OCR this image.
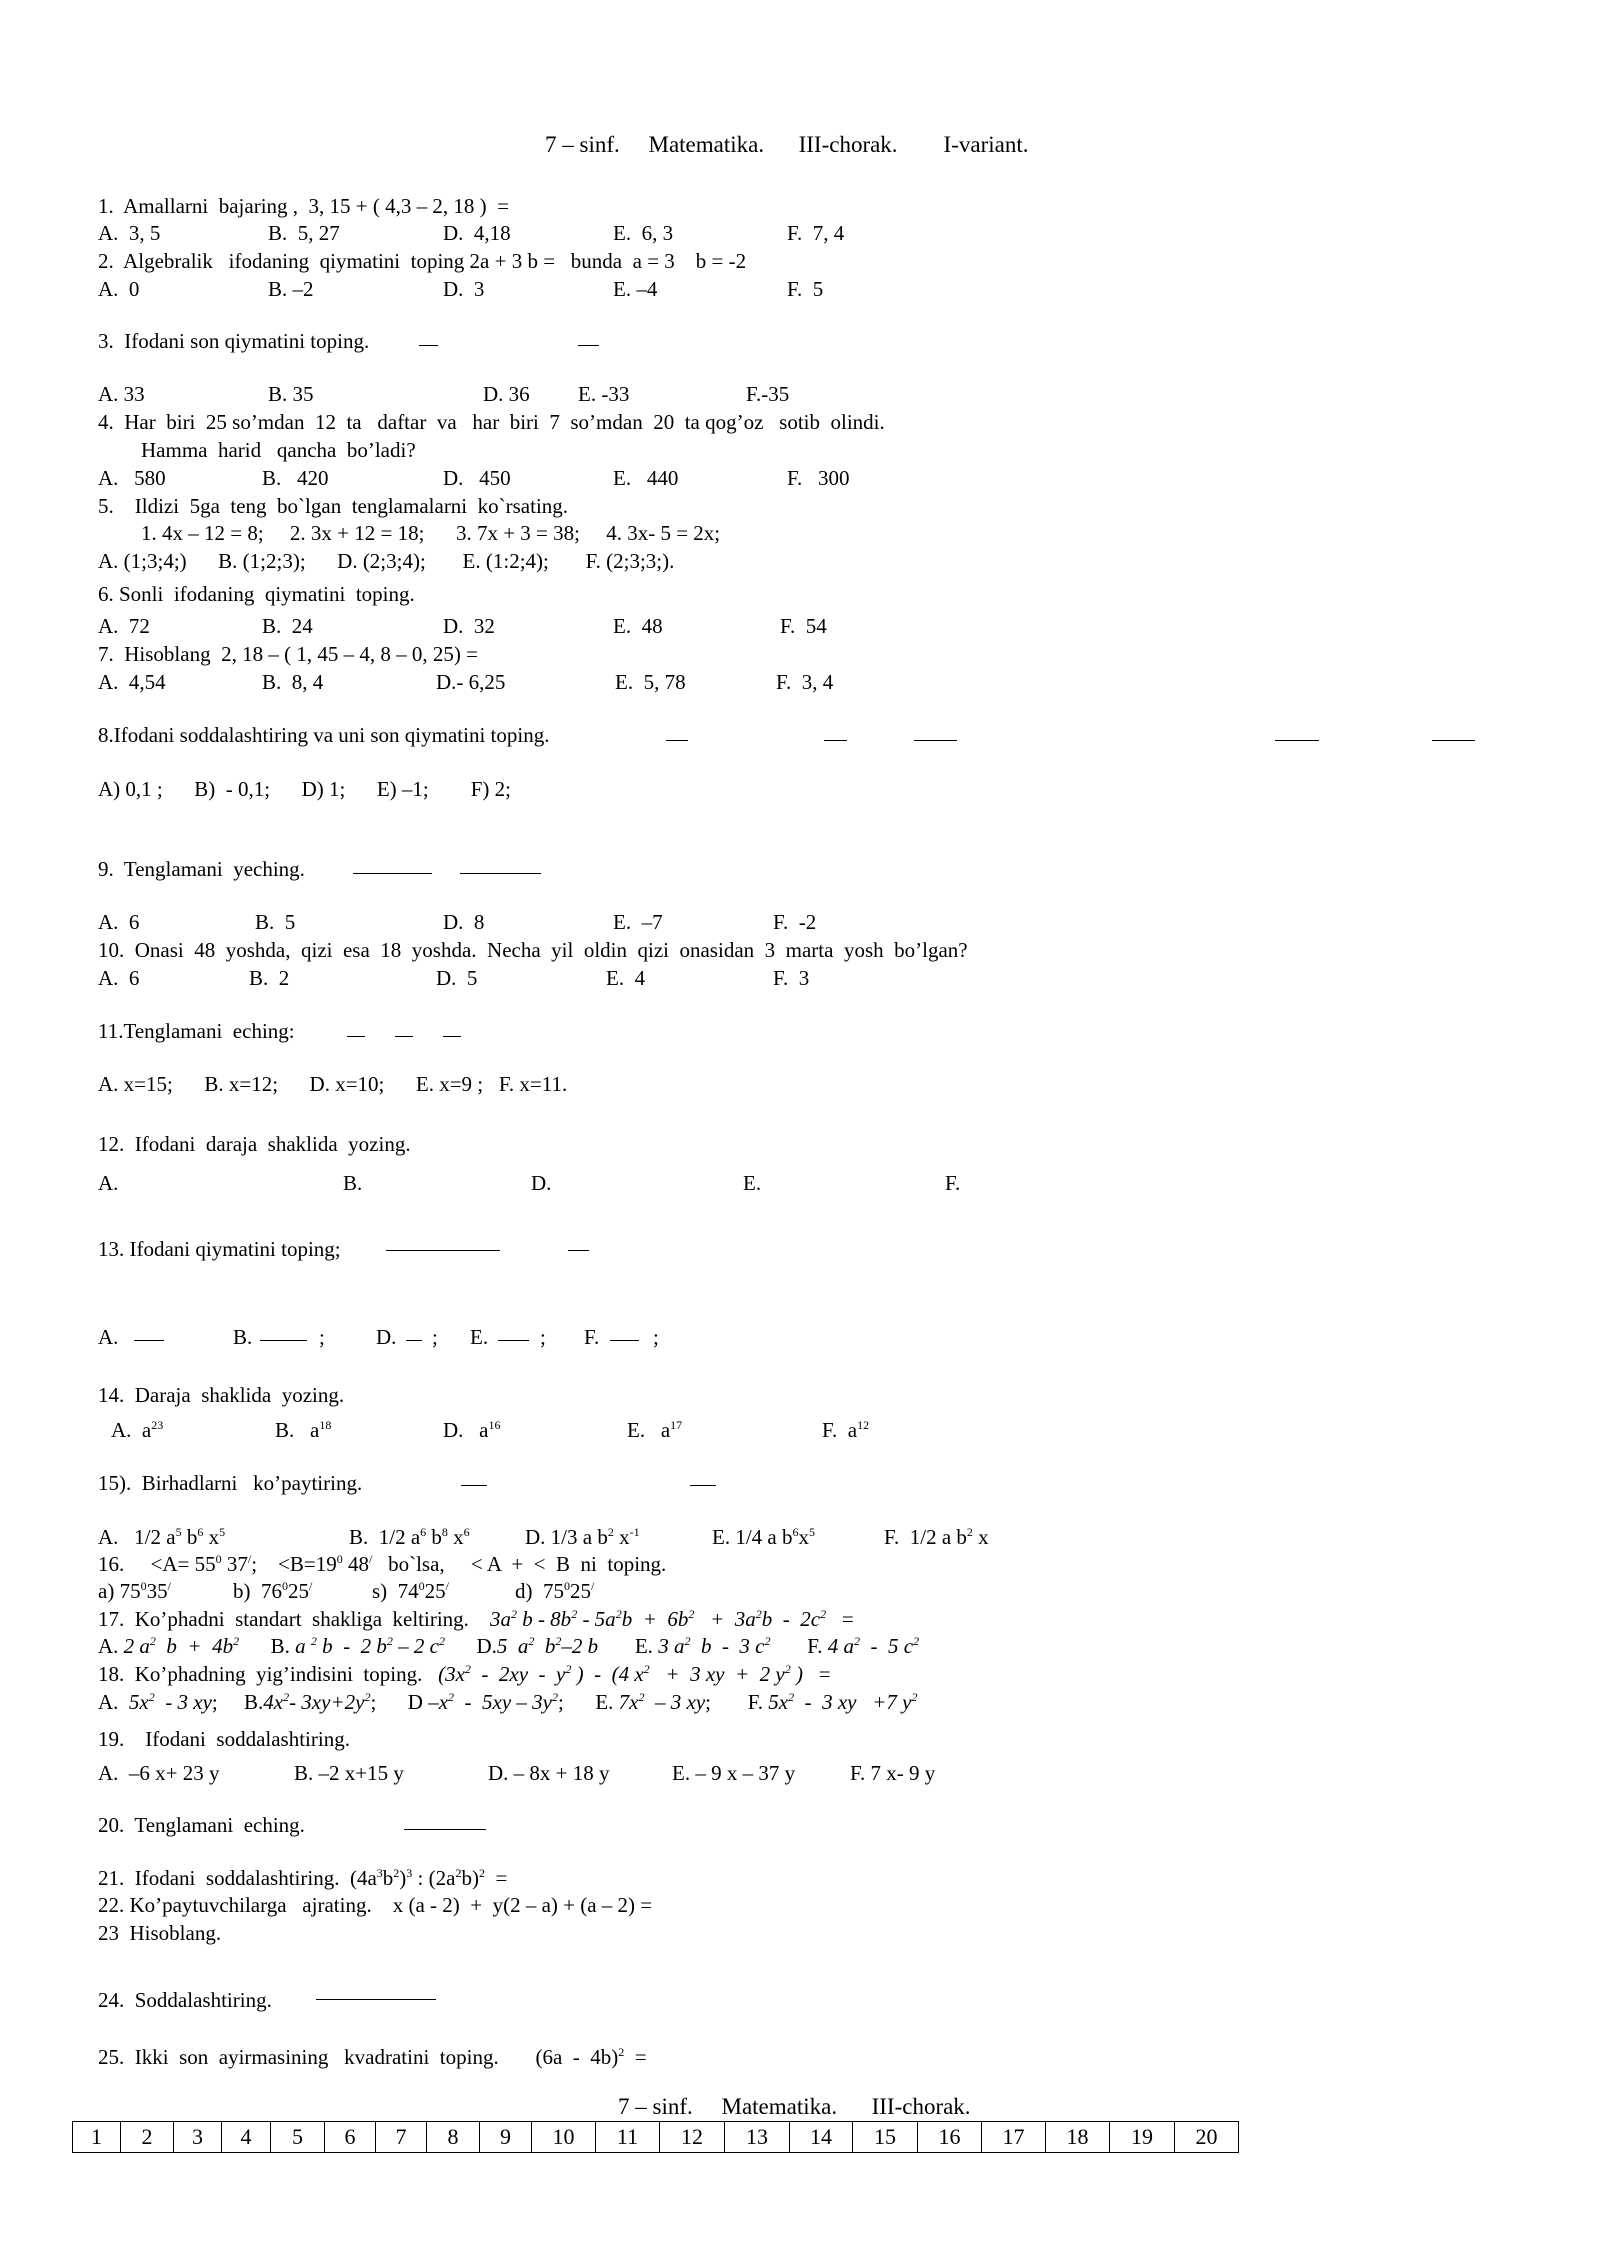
7 – sinf.     Matematika.      III-chorak.        I-variant.
1.  Amallarni  bajaring ,  3, 15 + ( 4,3 – 2, 18 )  =
A.  3, 5	B.  5, 27	D.  4,18	E.  6, 3	F.  7, 4
2.  Algebralik   ifodaning  qiymatini  toping 2a + 3 b =   bunda  a = 3    b = -2
A.  0	B. –2	D.  3	E. –4	F.  5
3.  Ifodani son qiymatini toping.
A. 33	B. 35	D. 36 E. -33	F.-35
4.  Har  biri  25 so’mdan  12  ta   daftar  va   har  biri  7  so’mdan  20  ta qog’oz   sotib  olindi.
Hamma  harid   qancha  bo’ladi?
A.   580	B.   420	D.   450	E.   440	F.   300
5.    Ildizi  5ga  teng  bo`lgan  tenglamalarni  ko`rsating.
1. 4x – 12 = 8;     2. 3x + 12 = 18;      3. 7x + 3 = 38;     4. 3x- 5 = 2x;
A. (1;3;4;)      B. (1;2;3);      D. (2;3;4);       E. (1:2;4);       F. (2;3;3;).
6. Sonli  ifodaning  qiymatini  toping.
A.  72	B.  24	D.  32	E.  48	F.  54
7.  Hisoblang  2, 18 – ( 1, 45 – 4, 8 – 0, 25) =
A.  4,54	B.  8, 4	D.- 6,25	E.  5, 78	F.  3, 4
8.Ifodani soddalashtiring va uni son qiymatini toping.
A) 0,1 ;      B)  - 0,1;      D) 1;      E) –1;        F) 2;
9.  Tenglamani  yeching.
A.  6	B.  5	D.  8	E.  –7	F.  -2
10.  Onasi  48  yoshda,  qizi  esa  18  yoshda.  Necha  yil  oldin  qizi  onasidan  3  marta  yosh  bo’lgan?
A.  6	B.  2	D.  5	E.  4	F.  3
11.Tenglamani  eching:
A. x=15;      B. x=12;      D. x=10;      E. x=9 ;   F. x=11.
12.  Ifodani  daraja  shaklida  yozing.
A.	B.	D.	E.	F.
13. Ifodani qiymatini toping;
A.	B.	; D. ; E. ; F.	;
14.  Daraja  shaklida  yozing.
A.  $a^{23}$	B.   $a^{18}$	D.   $a^{16}$	E.   $a^{17}$	F.  $a^{12}$
15).  Birhadlarni   ko’paytiring.
A.   1/2 $a^5$ $b^6$ $x^5$	B.  1/2 $a^6$ $b^8$ $x^6$	D. 1/3 a $b^2$ $x^{-1}$	E. 1/4 a $b^6x^5$	F.  1/2 a $b^2$ x
16.     $<A= 55^0$ 37/;    $<B=19^0$ 48/   bo`lsa,     < A  +  <  B  ni  toping.
a) $75^035^/$	b)  $76^025^/$	s)  $74^025^/$	d)  $75^025^/$
17.  Ko’phadni  standart  shakliga  keltiring. $3a^2$ $b - 8b^2 - 5a^2b + 6b^2 + 3a^2b - 2c^2$   =
A. 2 $a^2$  $b + 4b^2$      B. a $^2$ b  -  2 $b^2 - 2$ $c^2$      D.5  $a^2$  $b^2-2$ b       E. 3 $a^2$  b  -  3 $c^2$       F. 4 $a^2 - 5$ $c^2$
18.  Ko’phadning  yig’indisini  toping. ($3x^2 - 2xy - y^2$ )  -  (4 $x^2 + 3$ xy  +  2 $y^2$ )   =
A.  $5x^2 - 3$ xy;     $B.4x^2-$ $3xy+2y^2$;      D $-x^2 - 5xy - 3y^2$;      E. $7x^2 - 3$ xy;       F. $5x^2 - 3$ xy   +7 $y^2$
19.    Ifodani  soddalashtiring.
A.  –6 x+ 23 y	B. –2 x+15 y	D. – 8x + 18 y	E. – 9 x – 37 y	F. 7 x- 9 y
20.  Tenglamani  eching.
21.  Ifodani  soddalashtiring.  $(4a^3b^2)^3$ : $(2a^2b)^2$  =
22. Ko’paytuvchilarga   ajrating.    x (a - 2)  +  y(2 – a) + (a – 2) =
23  Hisoblang.
24.  Soddalashtiring.
25.  Ikki  son  ayirmasining   kvadratini  toping.       (6a  -  4b)$^2$  =
7 – sinf.     Matematika.      III-chorak.
1	2	3	4	5	6	7	8	9	10	11	12	13	14	15	16	17	18	19	20
